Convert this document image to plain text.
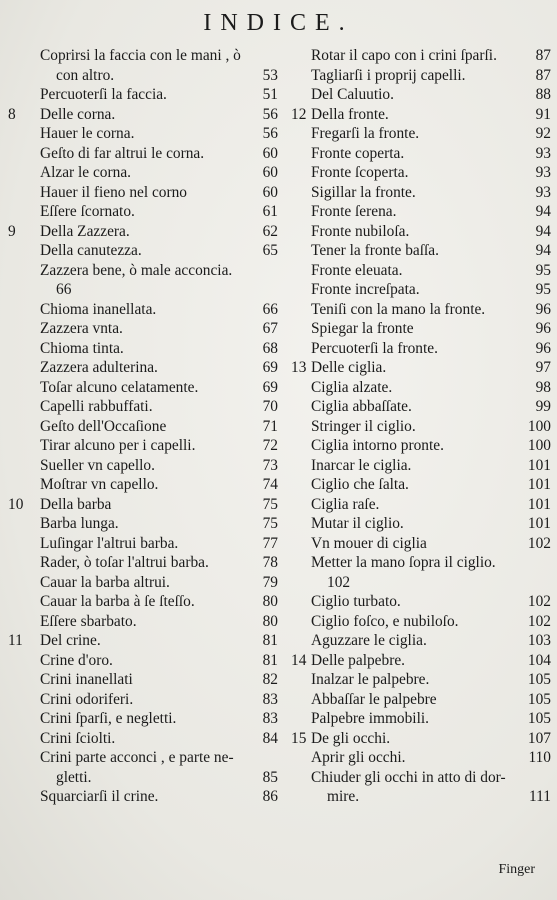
INDICE.
Coprirsi la faccia con le mani , ò
con altro.	53
Percuoterſi la faccia.	51
8	Delle corna.	56
Hauer le corna.	56
Geſto di far altrui le corna.	60
Alzar le corna.	60
Hauer il fieno nel corno	60
Eſſere ſcornato.	61
9	Della Zazzera.	62
Della canutezza.	65
Zazzera bene, ò male acconcia.
66
Chioma inanellata.	66
Zazzera vnta.	67
Chioma tinta.	68
Zazzera adulterina.	69
Toſar alcuno celatamente.	69
Capelli rabbuffati.	70
Geſto dell'Occaſione	71
Tirar alcuno per i capelli.	72
Sueller vn capello.	73
Moſtrar vn capello.	74
10	Della barba	75
Barba lunga.	75
Luſingar l'altrui barba.	77
Rader, ò toſar l'altrui barba.	78
Cauar la barba altrui.	79
Cauar la barba à ſe ſteſſo.	80
Eſſere sbarbato.	80
11	Del crine.	81
Crine d'oro.	81
Crini inanellati	82
Crini odoriferi.	83
Crini ſparſi, e negletti.	83
Crini ſciolti.	84
Crini parte acconci , e parte ne-
gletti.	85
Squarciarſi il crine.	86
Rotar il capo con i crini ſparſi.	87
Tagliarſi i proprij capelli.	87
Del Caluutio.	88
12 Della fronte.	91
Fregarſi la fronte.	92
Fronte coperta.	93
Fronte ſcoperta.	93
Sigillar la fronte.	93
Fronte ſerena.	94
Fronte nubiloſa.	94
Tener la fronte baſſa.	94
Fronte eleuata.	95
Fronte increſpata.	95
Teniſi con la mano la fronte.	96
Spiegar la fronte	96
Percuoterſi la fronte.	96
13 Delle ciglia.	97
Ciglia alzate.	98
Ciglia abbaſſate.	99
Stringer il ciglio.	100
Ciglia intorno pronte.	100
Inarcar le ciglia.	101
Ciglio che ſalta.	101
Ciglia raſe.	101
Mutar il ciglio.	101
Vn mouer di ciglia	102
Metter la mano ſopra il ciglio.
102
Ciglio turbato.	102
Ciglio foſco, e nubiloſo.	102
Aguzzare le ciglia.	103
14 Delle palpebre.	104
Inalzar le palpebre.	105
Abbaſſar le palpebre	105
Palpebre immobili.	105
15 De gli occhi.	107
Aprir gli occhi.	110
Chiuder gli occhi in atto di dor-
mire.	111
Finger
